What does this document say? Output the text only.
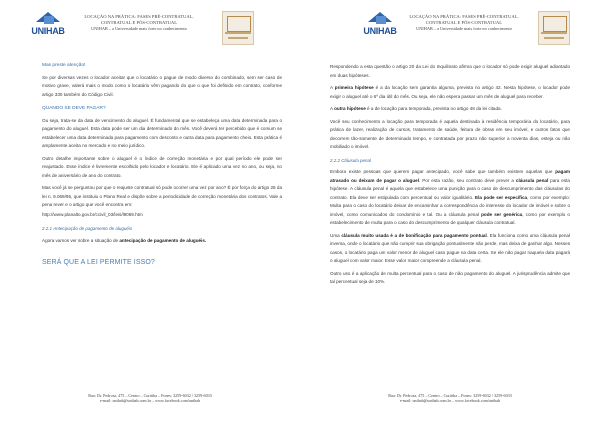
UNIHAB
LOCAÇÃO NA PRÁTICA: FASES PRÉ-CONTRATUAL,
CONTRATUAL E PÓS-CONTRATUAL
UNIHAB – a Universidade mais forte no conhecimento
Mas preste atenção!

Se por diversas vezes o locador aceitar que o locatário o pague de modo diverso do combinado, sem ser caso de motivo grave, valerá mais o modo como o locatário vêm pagando do que o que foi definido em contrato, conforme artigo 330 também do Código Civil.

QUANDO SE DEVE PAGAR?

Ou seja, trata-se da data de vencimento do aluguel. É fundamental que se estabeleça uma data determinada para o pagamento do aluguel. Esta data pode ser um dia determinado do mês. Você deverá ter percebido que é comum se estabelecer uma data determinada para pagamento com desconto e outra data para pagamento cheio. Esta prática é amplamente aceita no mercado e no meio jurídico.

Outro detalhe importante sobre o aluguel é o índice de correção monetária e por qual período ele pode ser reajustado. Esse índice é livremente escolhido pelo locador e locatário. Ele é aplicado uma vez no ano, ou seja, no mês de aniversário de ano do contrato.

Mas você já se perguntou por que o reajuste contratual só pode ocorrer uma vez por ano? É por força do artigo 28 da lei n. 9.069/95, que instituiu o Plano Real e dispõe sobre a periodicidade de correção monetária dos contratos. Vale a pena rever e o artigo que você encontra em:

http://www.planalto.gov.br/ccivil_03/leis/l9069.htm

2.2.1 Antecipação de pagamento de aluguéis

Agora vamos ver sobre a situação de antecipação de pagamento de aluguéis.

SERÁ QUE A LEI PERMITE ISSO?
Rua: Dr. Pedrosa, 475 – Centro – Curitiba – Fones: 3259-6032 / 3259-6033
e-mail: unihab@unihab.com.br – www.facebook.com/unihab
UNIHAB
LOCAÇÃO NA PRÁTICA: FASES PRÉ-CONTRATUAL,
CONTRATUAL E PÓS-CONTRATUAL
UNIHAB – a Universidade mais forte no conhecimento

Respondendo a esta questão o artigo 20 da Lei do Inquilinato afirma que o locador só pode exigir aluguel adiantado em duas hipóteses.

A primeira hipótese é a da locação sem garantia alguma, prevista no artigo 42. Nesta hipótese, o locador pode exigir o aluguel até o 6º dia útil do mês. Ou seja, ele não espera passar um mês de aluguel para receber.

A outra hipótese é a de locação para temporada, prevista no artigo 48 da lei citada.

Você seu conhecimento a locação para temporada é aquela destinada à residência temporária do locatário, para prática de lazer, realização de cursos, tratamento de saúde, feitura de obras em seu imóvel, e outros fatos que decorrem tão-somente de determinado tempo, e contratada por prazo não superior a noventa dias, esteja ou não mobiliado o imóvel.

2.2.2 Cláusula penal

Embora existe pessoas que querem pagar antecipado, você sabe que também existem aquelas que pagam atrasado ou deixam de pagar o aluguel. Por esta razão, seu contrato deve prever a cláusula penal para esta hipótese. A cláusula penal é aquela que estabelece uma punição para o caso de descumprimento das cláusulas do contrato. Ela deve ser estipulada com percentual ou valor igualitário. Ela pode ser específica, como por exemplo: Multa para o caso do locatário deixar de encaminhar a correspondência do interesse do locador de imóvel e sobre o imóvel, como comunicados do condomínio e tal. Ou a cláusula penal pode ser genérica, como por exemplo o estabelecimento de multa para o caso do descumprimento de qualquer cláusula contratual.

Uma cláusula muito usada é a de bonificação para pagamento pontual. Ela funciona como uma cláusula penal inversa, onde o locatário que não cumprir sua obrigação pontualmente não perde, mas deixa de ganhar algo. Nesses casos, o locatário paga um valor menor de aluguel caso pague na data certa. Se ele não pagar naquela data pagará o aluguel com valor maior. Esse valor maior compreende a cláusula penal.

Outro uso é a aplicação de multa percentual para o caso de não pagamento do aluguel. A jurisprudência admite que tal percentual seja de 10%.

Rua: Dr. Pedrosa, 475 – Centro – Curitiba – Fones: 3259-6032 / 3259-6033
e-mail: unihab@unihab.com.br – www.facebook.com/unihab
